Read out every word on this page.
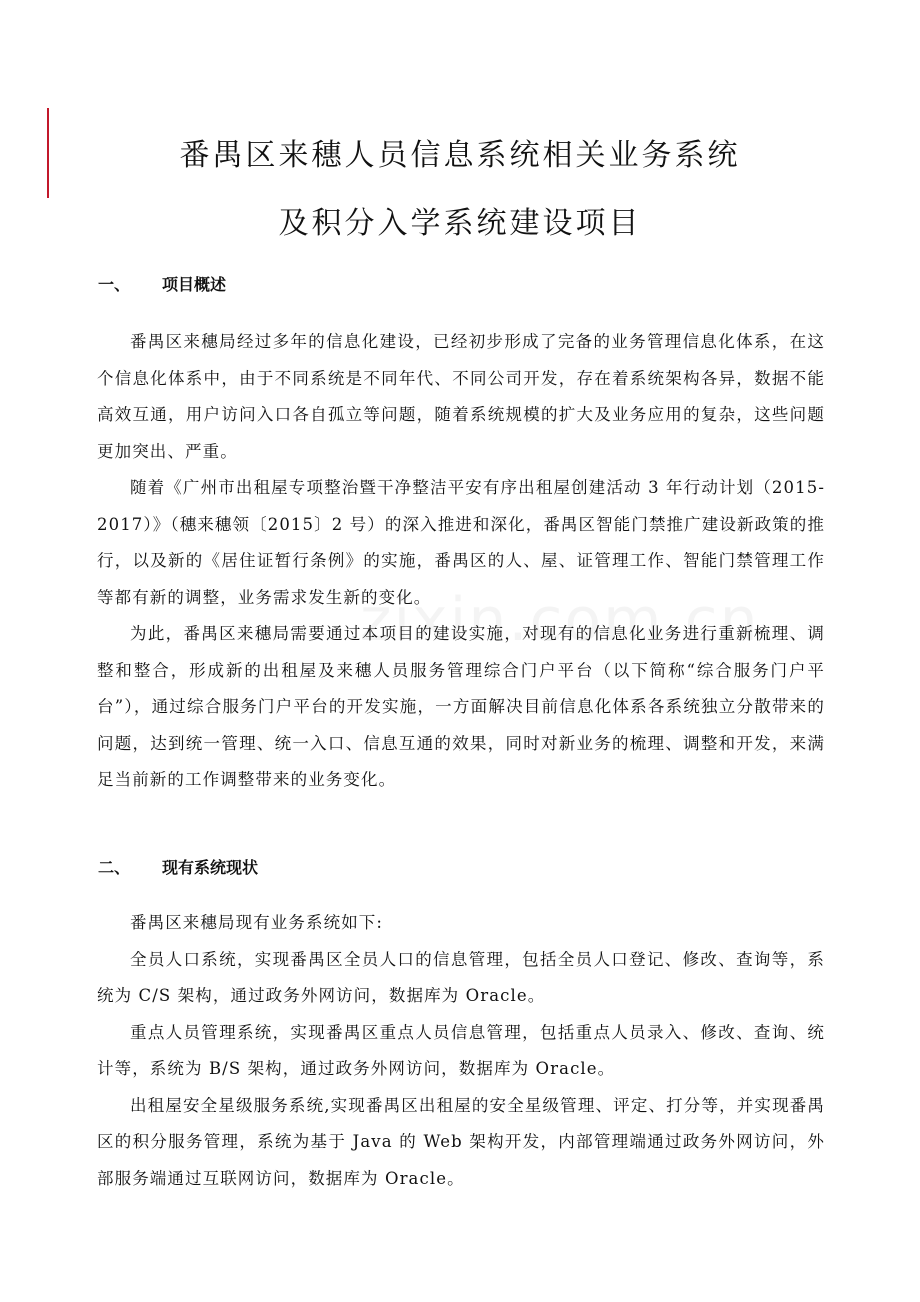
番禺区来穗人员信息系统相关业务系统
及积分入学系统建设项目
一、 项目概述

番禺区来穗局经过多年的信息化建设，已经初步形成了完备的业务管理信息化体系，在这个信息化体系中，由于不同系统是不同年代、不同公司开发，存在着系统架构各异，数据不能高效互通，用户访问入口各自孤立等问题，随着系统规模的扩大及业务应用的复杂，这些问题更加突出、严重。

随着《广州市出租屋专项整治暨干净整洁平安有序出租屋创建活动 3 年行动计划（2015-2017）》（穗来穗领〔2015〕2 号）的深入推进和深化，番禺区智能门禁推广建设新政策的推行，以及新的《居住证暂行条例》的实施，番禺区的人、屋、证管理工作、智能门禁管理工作等都有新的调整，业务需求发生新的变化。

为此，番禺区来穗局需要通过本项目的建设实施，对现有的信息化业务进行重新梳理、调整和整合，形成新的出租屋及来穗人员服务管理综合门户平台（以下简称“综合服务门户平台”），通过综合服务门户平台的开发实施，一方面解决目前信息化体系各系统独立分散带来的问题，达到统一管理、统一入口、信息互通的效果，同时对新业务的梳理、调整和开发，来满足当前新的工作调整带来的业务变化。

二、 现有系统现状

番禺区来穗局现有业务系统如下:

全员人口系统，实现番禺区全员人口的信息管理，包括全员人口登记、修改、查询等，系统为 C/S 架构，通过政务外网访问，数据库为 Oracle。

重点人员管理系统，实现番禺区重点人员信息管理，包括重点人员录入、修改、查询、统计等，系统为 B/S 架构，通过政务外网访问，数据库为 Oracle。

出租屋安全星级服务系统,实现番禺区出租屋的安全星级管理、评定、打分等，并实现番禺区的积分服务管理，系统为基于 Java 的 Web 架构开发，内部管理端通过政务外网访问，外部服务端通过互联网访问，数据库为 Oracle。
